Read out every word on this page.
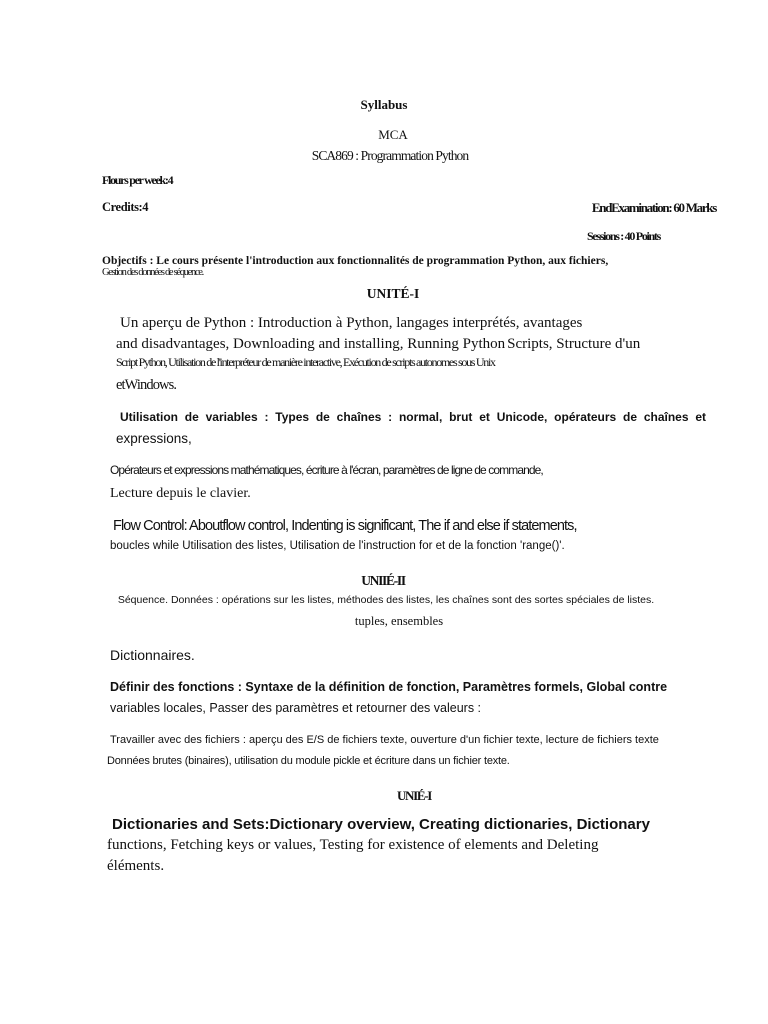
Syllabus
MCA
SCA869 : Programmation Python
Flours per week:4
Credits:4	EndExamination: 60 Marks
Sessions : 40 Points
Objectifs : Le cours présente l'introduction aux fonctionnalités de programmation Python, aux fichiers,
Gestion des données de séquence.
UNITÉ-I
Un aperçu de Python : Introduction à Python, langages interprétés, avantages
and disadvantages, Downloading and installing, Running Python Scripts, Structure d'un
Script Python, Utilisation de l'interpréteur de manière interactive, Exécution de scripts autonomes sous Unix
etWindows.
Utilisation de variables : Types de chaînes : normal, brut et Unicode, opérateurs de chaînes et
expressions,
Opérateurs et expressions mathématiques, écriture à l'écran, paramètres de ligne de commande,
Lecture depuis le clavier.
Flow Control: Aboutflow control, Indenting is significant, The if and else if statements,
boucles while Utilisation des listes, Utilisation de l'instruction for et de la fonction 'range()'.
UNIIÉ-II
Séquence. Données : opérations sur les listes, méthodes des listes, les chaînes sont des sortes spéciales de listes.
tuples, ensembles
Dictionnaires.
Définir des fonctions : Syntaxe de la définition de fonction, Paramètres formels, Global contre
variables locales, Passer des paramètres et retourner des valeurs :
Travailler avec des fichiers : aperçu des E/S de fichiers texte, ouverture d'un fichier texte, lecture de fichiers texte
Données brutes (binaires), utilisation du module pickle et écriture dans un fichier texte.
UNIÉ-I
Dictionaries and Sets:Dictionary overview, Creating dictionaries, Dictionary
functions, Fetching keys or values, Testing for existence of elements and Deleting
éléments.
